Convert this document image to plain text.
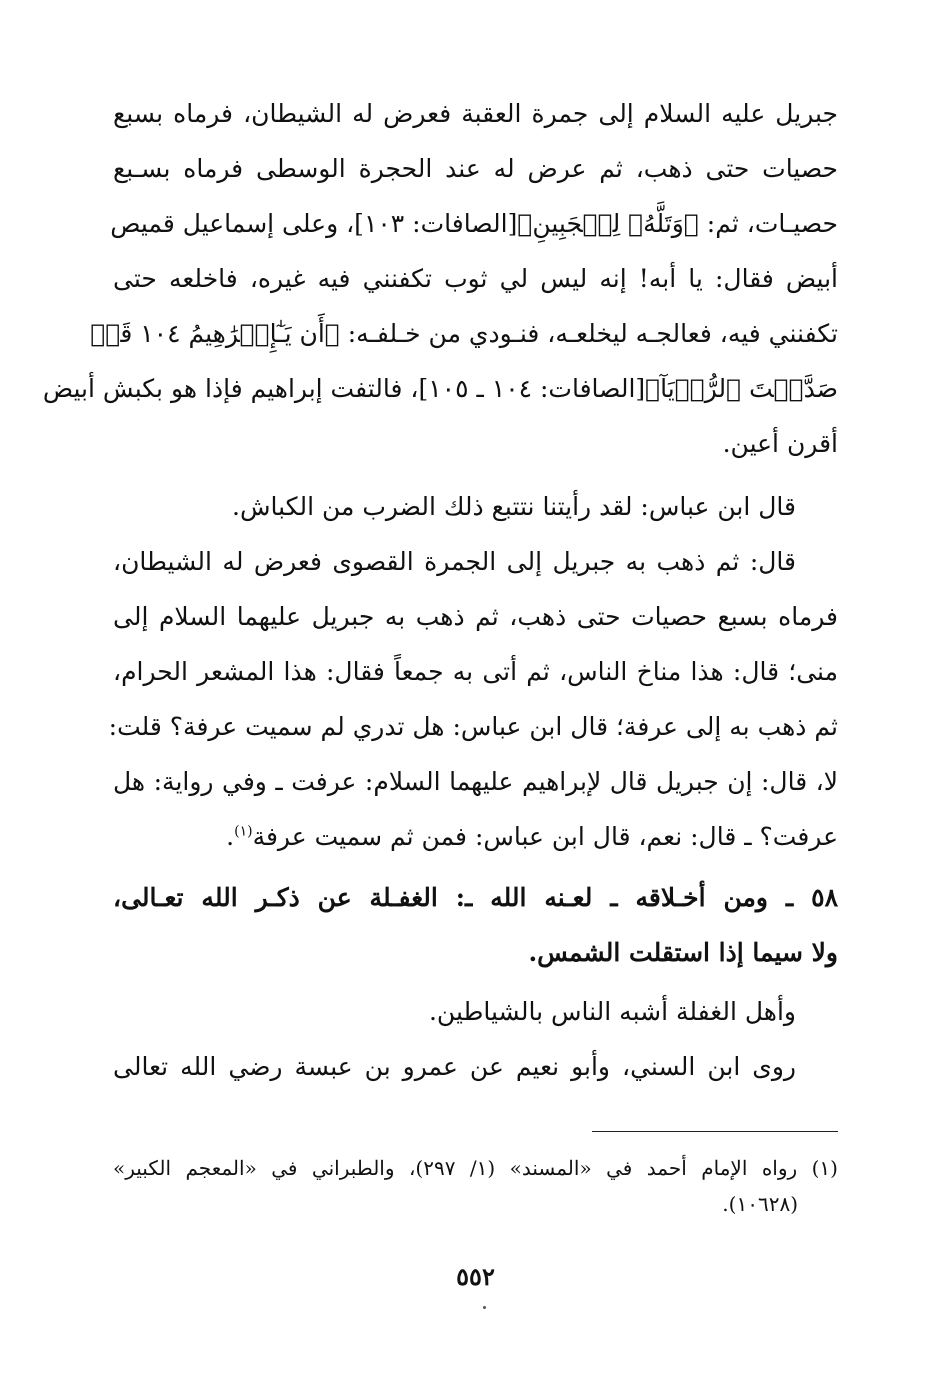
جبريل عليه السلام إلى جمرة العقبة فعرض له الشيطان، فرماه بسبع
حصيات حتى ذهب، ثم عرض له عند الحجرة الوسطى فرماه بسـبع
حصيـات، ثم: ﴿وَتَلَّهُۥ لِلۡجَبِينِ﴾[الصافات: ١٠٣]، وعلى إسماعيل قميص
أبيض فقال: يا أبه! إنه ليس لي ثوب تكفنني فيه غيره، فاخلعه حتى
تكفنني فيه، فعالجـه ليخلعـه، فنـودي من خـلفـه: ﴿أَن يَـٰٓإِبۡرَٰهِيمُ ١٠٤ قَدۡ
صَدَّقۡتَ ٱلرُّءۡيَآ﴾[الصافات: ١٠٤ ـ ١٠٥]، فالتفت إبراهيم فإذا هو بكبش أبيض
أقرن أعين.
قال ابن عباس: لقد رأيتنا نتتبع ذلك الضرب من الكباش.
قال: ثم ذهب به جبريل إلى الجمرة القصوى فعرض له الشيطان،
فرماه بسبع حصيات حتى ذهب، ثم ذهب به جبريل عليهما السلام إلى
منى؛ قال: هذا مناخ الناس، ثم أتى به جمعاً فقال: هذا المشعر الحرام،
ثم ذهب به إلى عرفة؛ قال ابن عباس: هل تدري لم سميت عرفة؟ قلت:
لا، قال: إن جبريل قال لإبراهيم عليهما السلام: عرفت ـ وفي رواية: هل
عرفت؟ ـ قال: نعم، قال ابن عباس: فمن ثم سميت عرفة$^{(١)}$.
٥٨ ـ ومن أخـلاقه ـ لعـنه الله ـ: الغفـلة عن ذكـر الله تعـالى،
ولا سيما إذا استقلت الشمس.
وأهل الغفلة أشبه الناس بالشياطين.
روى ابن السني، وأبو نعيم عن عمرو بن عبسة رضي الله تعالى
(١) رواه الإمام أحمد في «المسند» (١/ ٢٩٧)، والطبراني في «المعجم الكبير»
(١٠٦٢٨).
٥٥٢
